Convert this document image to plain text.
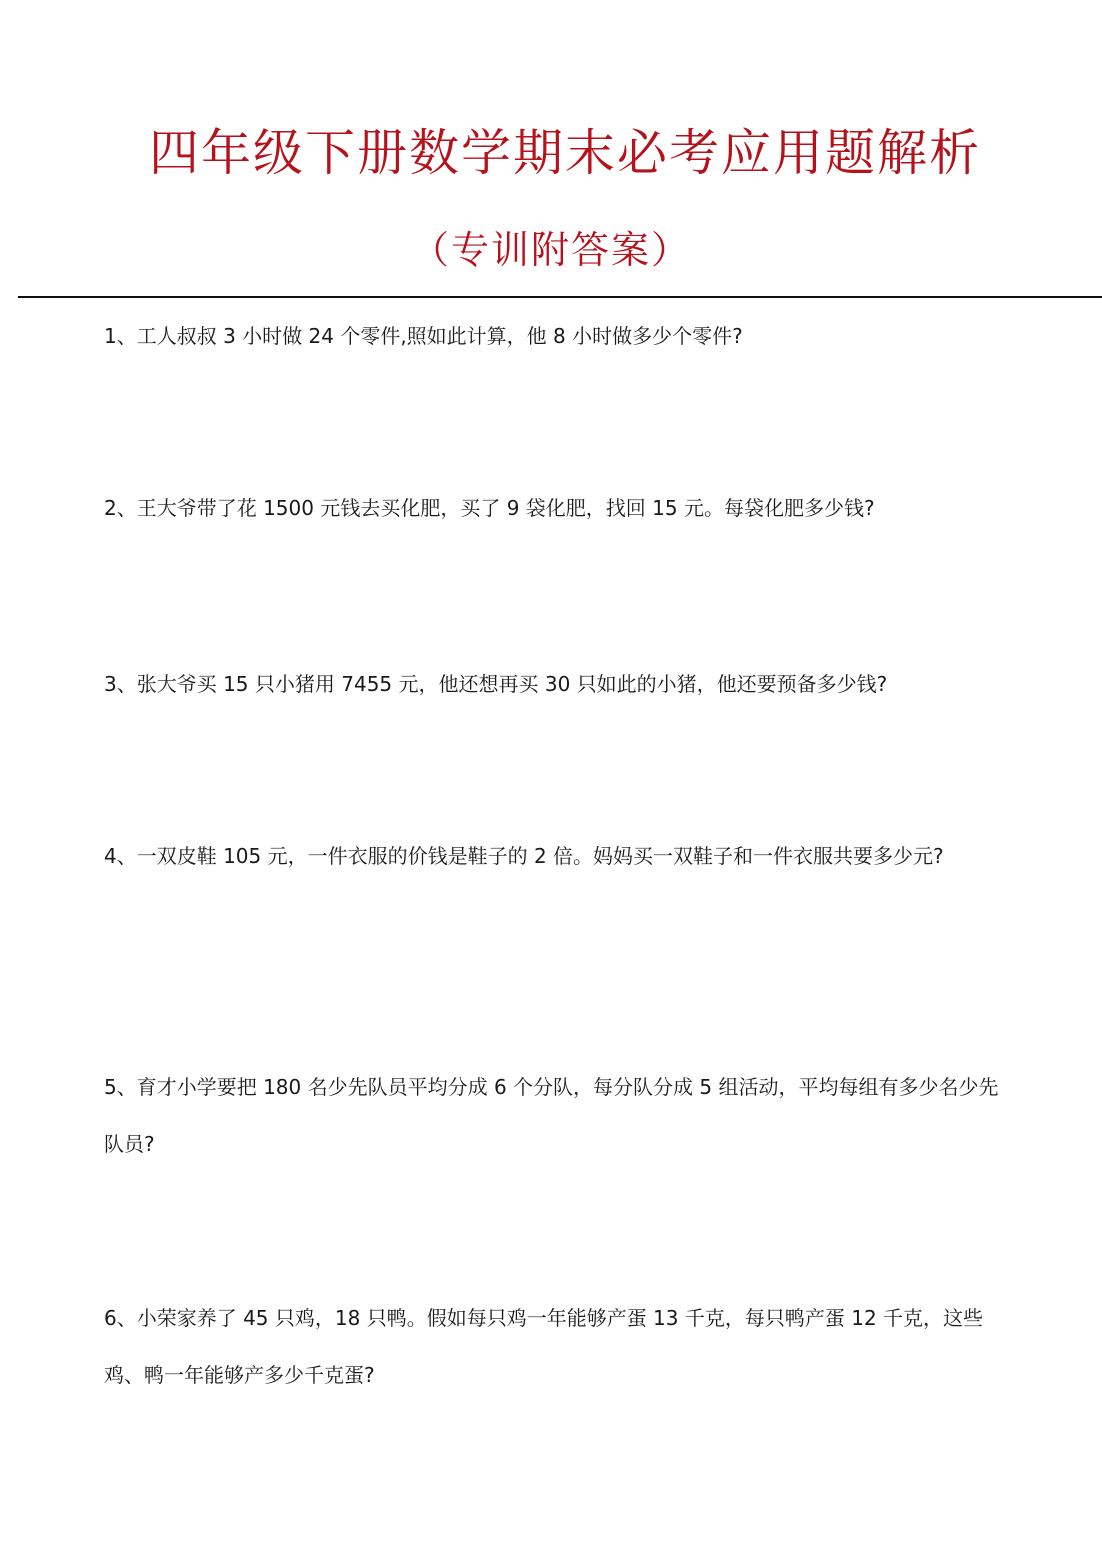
四年级下册数学期末必考应用题解析
（专训附答案）

1、工人叔叔 3 小时做 24 个零件,照如此计算，他 8 小时做多少个零件?

2、王大爷带了花 1500 元钱去买化肥，买了 9 袋化肥，找回 15 元。每袋化肥多少钱?

3、张大爷买 15 只小猪用 7455 元，他还想再买 30 只如此的小猪，他还要预备多少钱?

4、一双皮鞋 105 元，一件衣服的价钱是鞋子的 2 倍。妈妈买一双鞋子和一件衣服共要多少元?

5、育才小学要把 180 名少先队员平均分成 6 个分队，每分队分成 5 组活动，平均每组有多少名少先队员?

6、小荣家养了 45 只鸡，18 只鸭。假如每只鸡一年能够产蛋 13 千克，每只鸭产蛋 12 千克，这些鸡、鸭一年能够产多少千克蛋?
